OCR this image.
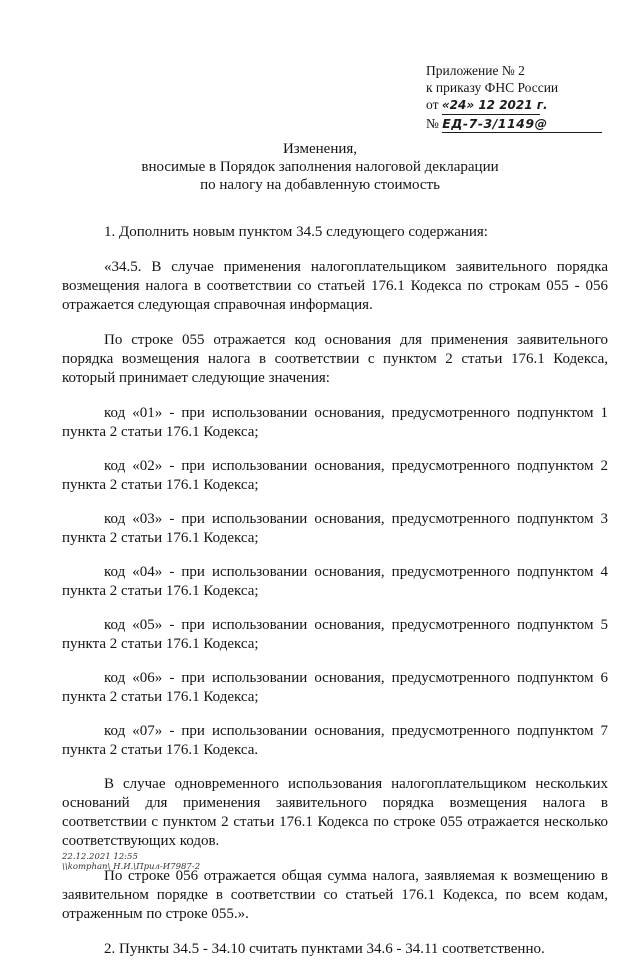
Приложение № 2
к приказу ФНС России
от «24» 12 2021 г.
№ ЕД-7-3/1149@
Изменения,
вносимые в Порядок заполнения налоговой декларации
по налогу на добавленную стоимость

1. Дополнить новым пунктом 34.5 следующего содержания:

«34.5. В случае применения налогоплательщиком заявительного порядка возмещения налога в соответствии со статьей 176.1 Кодекса по строкам 055 - 056 отражается следующая справочная информация.

По строке 055 отражается код основания для применения заявительного порядка возмещения налога в соответствии с пунктом 2 статьи 176.1 Кодекса, который принимает следующие значения:

код «01» - при использовании основания, предусмотренного подпунктом 1 пункта 2 статьи 176.1 Кодекса;

код «02» - при использовании основания, предусмотренного подпунктом 2 пункта 2 статьи 176.1 Кодекса;

код «03» - при использовании основания, предусмотренного подпунктом 3 пункта 2 статьи 176.1 Кодекса;

код «04» - при использовании основания, предусмотренного подпунктом 4 пункта 2 статьи 176.1 Кодекса;

код «05» - при использовании основания, предусмотренного подпунктом 5 пункта 2 статьи 176.1 Кодекса;

код «06» - при использовании основания, предусмотренного подпунктом 6 пункта 2 статьи 176.1 Кодекса;

код «07» - при использовании основания, предусмотренного подпунктом 7 пункта 2 статьи 176.1 Кодекса.

В случае одновременного использования налогоплательщиком нескольких оснований для применения заявительного порядка возмещения налога в соответствии с пунктом 2 статьи 176.1 Кодекса по строке 055 отражается несколько соответствующих кодов.

По строке 056 отражается общая сумма налога, заявляемая к возмещению в заявительном порядке в соответствии со статьей 176.1 Кодекса, по всем кодам, отраженным по строке 055.».

2. Пункты 34.5 - 34.10 считать пунктами 34.6 - 34.11 соответственно.

22.12.2021 12:55
\\komphan\ Н.И.\Прил-И7987-2
